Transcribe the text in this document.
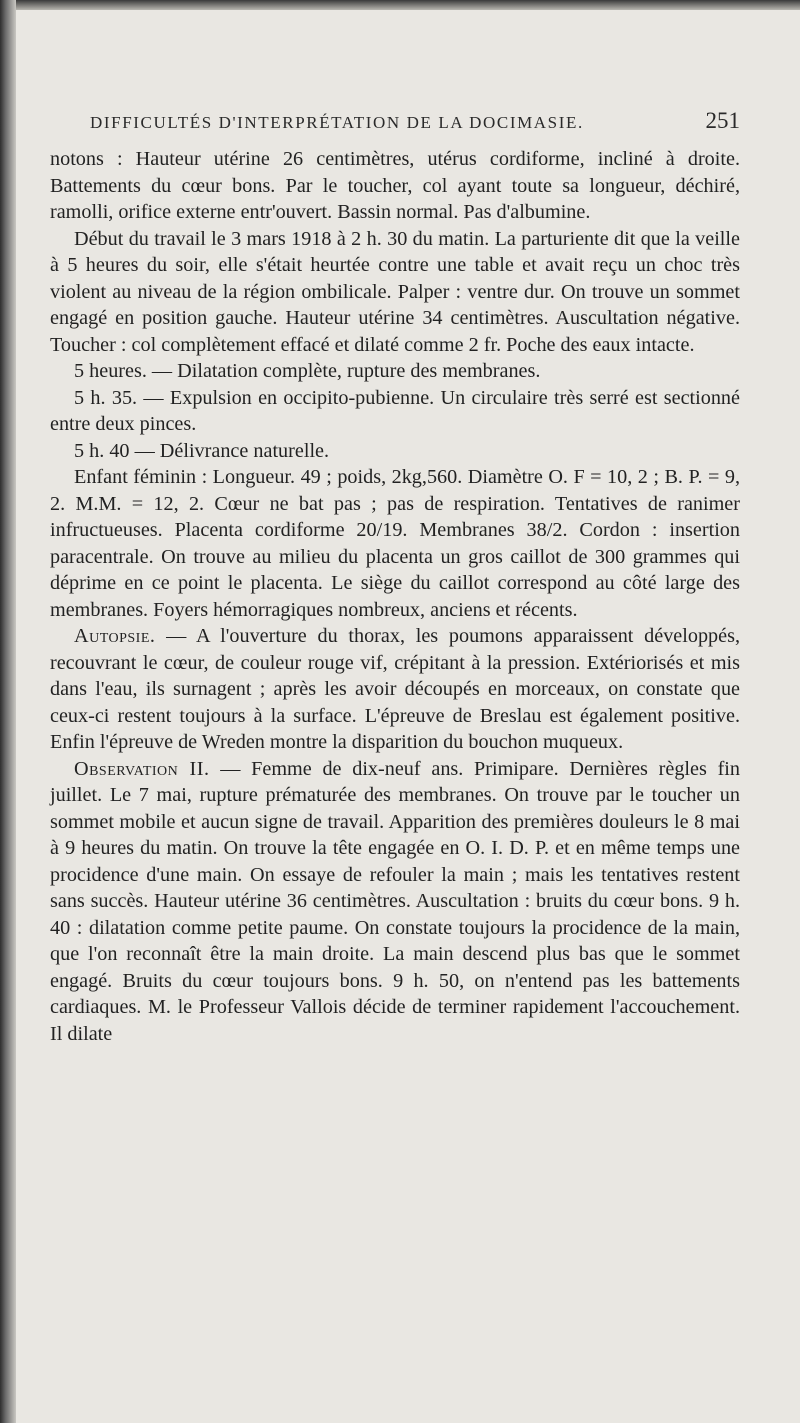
DIFFICULTÉS D'INTERPRÉTATION DE LA DOCIMASIE.	251

notons : Hauteur utérine 26 centimètres, utérus cordiforme, incliné à droite. Battements du cœur bons. Par le toucher, col ayant toute sa longueur, déchiré, ramolli, orifice externe entr'ouvert. Bassin normal. Pas d'albumine.

Début du travail le 3 mars 1918 à 2 h. 30 du matin. La parturiente dit que la veille à 5 heures du soir, elle s'était heurtée contre une table et avait reçu un choc très violent au niveau de la région ombilicale. Palper : ventre dur. On trouve un sommet engagé en position gauche. Hauteur utérine 34 centimètres. Auscultation négative. Toucher : col complètement effacé et dilaté comme 2 fr. Poche des eaux intacte.

5 heures. — Dilatation complète, rupture des membranes.

5 h. 35. — Expulsion en occipito-pubienne. Un circulaire très serré est sectionné entre deux pinces.

5 h. 40 — Délivrance naturelle.

Enfant féminin : Longueur. 49 ; poids, 2kg,560. Diamètre O. F = 10, 2 ; B. P. = 9, 2. M.M. = 12, 2. Cœur ne bat pas ; pas de respiration. Tentatives de ranimer infructueuses. Placenta cordiforme 20/19. Membranes 38/2. Cordon : insertion paracentrale. On trouve au milieu du placenta un gros caillot de 300 grammes qui déprime en ce point le placenta. Le siège du caillot correspond au côté large des membranes. Foyers hémorragiques nombreux, anciens et récents.

Autopsie. — A l'ouverture du thorax, les poumons apparaissent développés, recouvrant le cœur, de couleur rouge vif, crépitant à la pression. Extériorisés et mis dans l'eau, ils surnagent ; après les avoir découpés en morceaux, on constate que ceux-ci restent toujours à la surface. L'épreuve de Breslau est également positive. Enfin l'épreuve de Wreden montre la disparition du bouchon muqueux.

Observation II. — Femme de dix-neuf ans. Primipare. Dernières règles fin juillet. Le 7 mai, rupture prématurée des membranes. On trouve par le toucher un sommet mobile et aucun signe de travail. Apparition des premières douleurs le 8 mai à 9 heures du matin. On trouve la tête engagée en O. I. D. P. et en même temps une procidence d'une main. On essaye de refouler la main ; mais les tentatives restent sans succès. Hauteur utérine 36 centimètres. Auscultation : bruits du cœur bons. 9 h. 40 : dilatation comme petite paume. On constate toujours la procidence de la main, que l'on reconnaît être la main droite. La main descend plus bas que le sommet engagé. Bruits du cœur toujours bons. 9 h. 50, on n'entend pas les battements cardiaques. M. le Professeur Vallois décide de terminer rapidement l'accouchement. Il dilate
